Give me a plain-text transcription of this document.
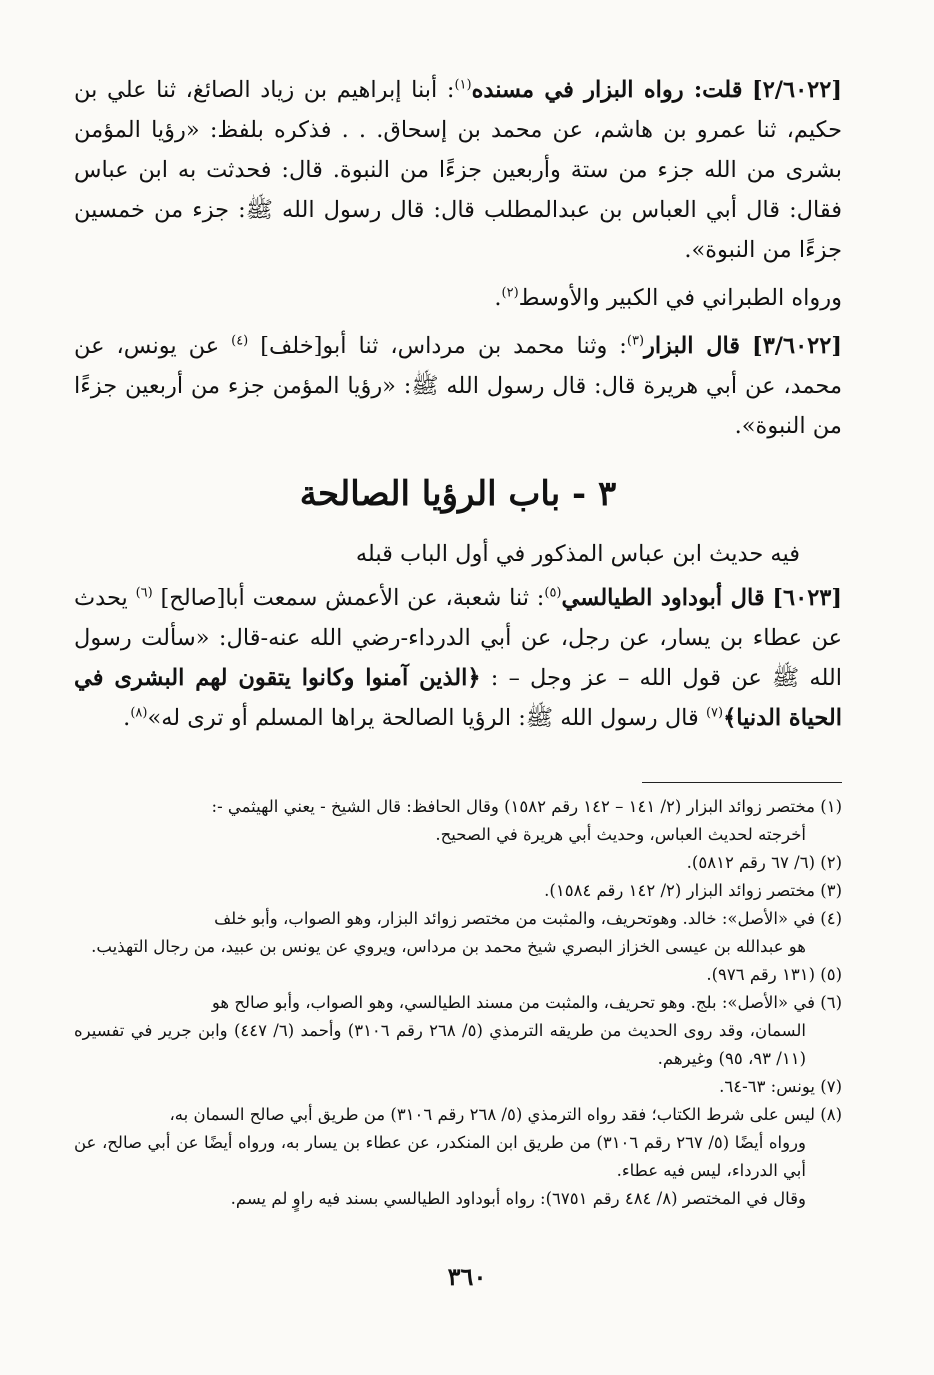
[٢/٦٠٢٢] قلت: رواه البزار في مسنده$^{(١)}$: أبنا إبراهيم بن زياد الصائغ، ثنا علي بن حكيم، ثنا عمرو بن هاشم، عن محمد بن إسحاق. . . فذكره بلفظ: «رؤيا المؤمن بشرى من الله جزء من ستة وأربعين جزءًا من النبوة. قال: فحدثت به ابن عباس فقال: قال أبي العباس بن عبدالمطلب قال: قال رسول الله ﷺ: جزء من خمسين جزءًا من النبوة».

ورواه الطبراني في الكبير والأوسط$^{(٢)}$.

[٣/٦٠٢٢] قال البزار$^{(٣)}$: وثنا محمد بن مرداس، ثنا أبو[خلف] $^{(٤)}$ عن يونس، عن محمد، عن أبي هريرة قال: قال رسول الله ﷺ: «رؤيا المؤمن جزء من أربعين جزءًا من النبوة».

٣ - باب الرؤيا الصالحة

فيه حديث ابن عباس المذكور في أول الباب قبله

[٦٠٢٣] قال أبوداود الطيالسي$^{(٥)}$: ثنا شعبة، عن الأعمش سمعت أبا[صالح] $^{(٦)}$ يحدث عن عطاء بن يسار، عن رجل، عن أبي الدرداء-رضي الله عنه-قال: «سألت رسول الله ﷺ عن قول الله – عز وجل – : ﴿الذين آمنوا وكانوا يتقون لهم البشرى في الحياة الدنيا﴾$^{(٧)}$ قال رسول الله ﷺ: الرؤيا الصالحة يراها المسلم أو ترى له»$^{(٨)}$.

(١) مختصر زوائد البزار (٢/ ١٤١ – ١٤٢ رقم ١٥٨٢) وقال الحافظ: قال الشيخ - يعني الهيثمي -:
أخرجته لحديث العباس، وحديث أبي هريرة في الصحيح.

(٢) (٦/ ٦٧ رقم ٥٨١٢).

(٣) مختصر زوائد البزار (٢/ ١٤٢ رقم ١٥٨٤).

(٤) في «الأصل»: خالد. وهوتحريف، والمثبت من مختصر زوائد البزار، وهو الصواب، وأبو خلف
هو عبدالله بن عيسى الخزاز البصري شيخ محمد بن مرداس، ويروي عن يونس بن عبيد، من رجال التهذيب.

(٥) (١٣١ رقم ٩٧٦).

(٦) في «الأصل»: بلج. وهو تحريف، والمثبت من مسند الطيالسي، وهو الصواب، وأبو صالح هو
السمان، وقد روى الحديث من طريقه الترمذي (٥/ ٢٦٨ رقم ٣١٠٦) وأحمد (٦/ ٤٤٧) وابن جرير في تفسيره (١١/ ٩٣، ٩٥) وغيرهم.

(٧) يونس: ٦٣-٦٤.

(٨) ليس على شرط الكتاب؛ فقد رواه الترمذي (٥/ ٢٦٨ رقم ٣١٠٦) من طريق أبي صالح السمان به،
ورواه أيضًا (٥/ ٢٦٧ رقم ٣١٠٦) من طريق ابن المنكدر، عن عطاء بن يسار به، ورواه أيضًا عن أبي صالح، عن أبي الدرداء، ليس فيه عطاء.
وقال في المختصر (٨/ ٤٨٤ رقم ٦٧٥١): رواه أبوداود الطيالسي بسند فيه راوٍ لم يسم.

٣٦٠
